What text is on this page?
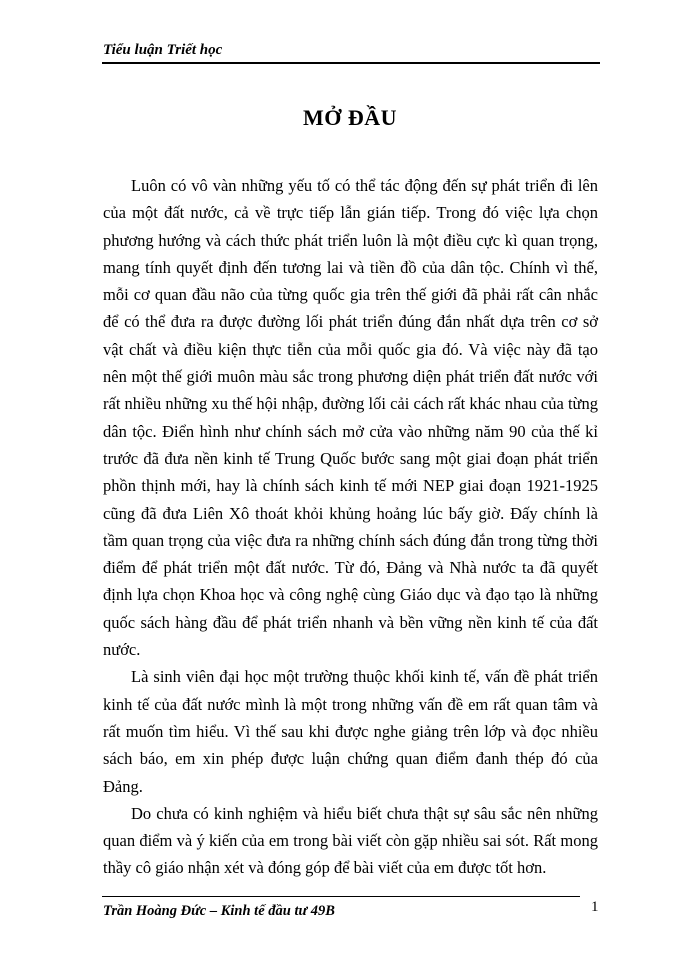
Tiểu luận Triết học
MỞ ĐẦU

Luôn có vô vàn những yếu tố có thể tác động đến sự phát triển đi lên của một đất nước, cả về trực tiếp lẫn gián tiếp. Trong đó việc lựa chọn phương hướng và cách thức phát triển luôn là một điều cực kì quan trọng, mang tính quyết định đến tương lai và tiền đồ của dân tộc. Chính vì thế, mỗi cơ quan đầu não của từng quốc gia trên thế giới đã phải rất cân nhắc để có thể đưa ra được đường lối phát triển đúng đắn nhất dựa trên cơ sở vật chất và điều kiện thực tiễn của mỗi quốc gia đó. Và việc này đã tạo nên một thế giới muôn màu sắc trong phương diện phát triển đất nước với rất nhiều những xu thế hội nhập, đường lối cải cách rất khác nhau của từng dân tộc. Điển hình như chính sách mở cửa vào những năm 90 của thế kỉ trước đã đưa nền kinh tế Trung Quốc bước sang một giai đoạn phát triển phồn thịnh mới, hay là chính sách kinh tế mới NEP giai đoạn 1921-1925 cũng đã đưa Liên Xô thoát khỏi khủng hoảng lúc bấy giờ. Đấy chính là tầm quan trọng của việc đưa ra những chính sách đúng đắn trong từng thời điểm để phát triển một đất nước. Từ đó, Đảng và Nhà nước ta đã quyết định lựa chọn Khoa học và công nghệ cùng Giáo dục và đạo tạo là những quốc sách hàng đầu để phát triển nhanh và bền vững nền kinh tế của đất nước.

Là sinh viên đại học một trường thuộc khối kinh tế, vấn đề phát triển kinh tế của đất nước mình là một trong những vấn đề em rất quan tâm và rất muốn tìm hiểu. Vì thế sau khi được nghe giảng trên lớp và đọc nhiều sách báo, em xin phép được luận chứng quan điểm đanh thép đó của Đảng.

Do chưa có kinh nghiệm và hiểu biết chưa thật sự sâu sắc nên những quan điểm và ý kiến của em trong bài viết còn gặp nhiều sai sót. Rất mong thầy cô giáo nhận xét và đóng góp để bài viết của em được tốt hơn.

Trần Hoàng Đức – Kinh tế đầu tư 49B	1
